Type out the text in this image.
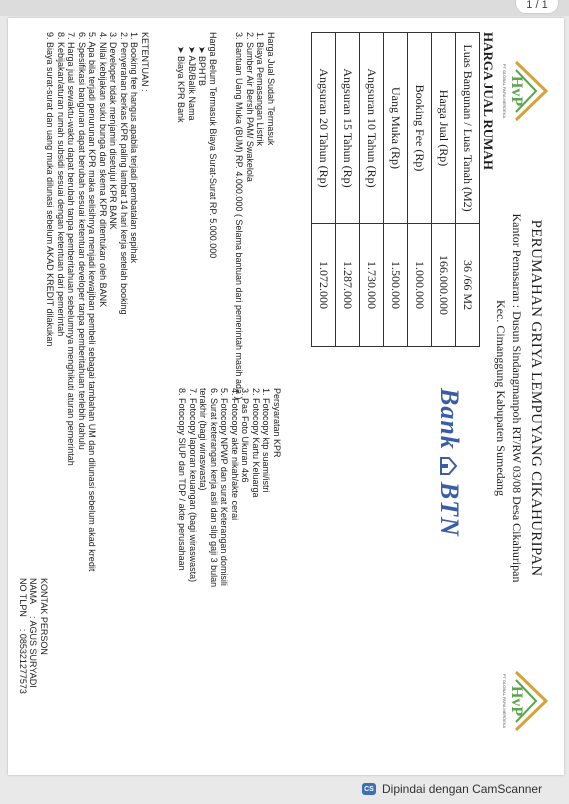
1 / 1
HvP
PT GLOBAL PARA MERDEKA
HvP
PT GLOBAL PARA MERDEKA
PERUMAHAN GRIYA LEMPUYANG CIKAHURIPAN
Kantor Pemasaran : Dusun Sindangmanpoh RT/RW 03/08 Desa Cikahuripan
Kec. Cimanggung Kabupaten Sumedang
HARGA JUAL RUMAH
Luas Bangunan / Luas Tanah (M2)	36 /66 M2
Harga Jual (Rp)	166.000.000
Booking Fee (Rp)	1.000.000
Uang Muka (Rp)	1.500.000
Angsuran 10 Tahun (Rp)	1.730.000
Angsuran 15 Tahun (Rp)	1.287.000
Angsuran 20 Tahun (Rp)	1.072.000
Bank
BTN
Harga Jual Sudah Termasuk
1. Biaya Pemasangan Listrik
2. Sumber Air Bersih PAM/ Swakelola
3. Bantuan Uang Muka (BUM) RP. 4.000.000 ( Selama bantuan dari pemerintah masih ada )
Harga Belum Termasuk Biaya Surat-Surat RP. 5.000.000
➤ BPHTB
➤ AJB/Balik Nama
➤ Biaya KPR Bank
KETENTUAN :
1. Booking fee hangus apabila terjadi pembatalan sepihak
2. Penyerahan berkas KPR paling lambat 14 hari kerja setelah booking
3. Developer tidak menjamin disetujui KPR BANK
4. Nilai kebijakan suku bunga dan skema KPR ditentukan oleh BANK
5. Apa bila terjadi penurunan KPR maka selisihnya menjadi kewajiban pembeli sebagai tambahan UM dan dilunasi sebelum akad kredit
6. Spesifikasi bangunan dapat berubah sesuai ketentuan developer tanpa pemberitahuan terlebih dahulu
7. Harga jual sewaktu-waktu dapat berubah tanpa pemberitahuan sebelumnya menghikuti aturan pemerintah
8. Kebijakan/aturan rumah subsidi sesuai dengan ketentuan dari pemerintah
9. Biaya surat-surat dan uang muka dilunasi sebelum AKAD KREDIT dilakukan
Persyaratan KPR
1. Fotocopy ktp suami/istri
2. Fotocopy Kartu Keluarga
3. Pas Foto Ukuran 4x6
4. Fotocopy akte nikah/akte cerai
5. Fotocopy NPWP dan surat Keterangan domisili
6. Surat keterangan kerja asli dan slip gaji 3 bulan terakhir (bagi wiraswasta)
7. Fotocopy laporan keuangan (bagi wiraswasta)
8. Fotocopy SIUP dan TDP / akte perusahaan
KONTAK PERSON
NAMA
: AGUS SURYADI
NO TLPN
: 085321277573
CS Dipindai dengan CamScanner
